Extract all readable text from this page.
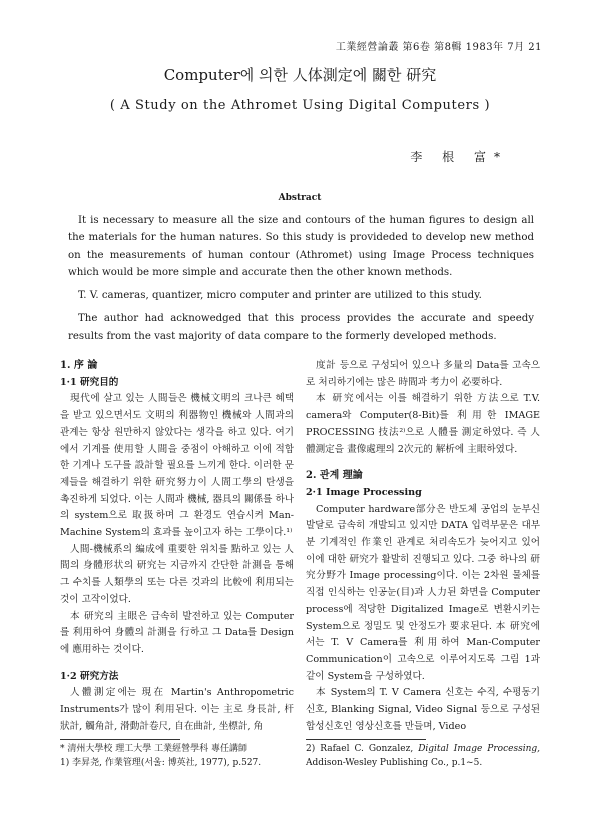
工業經營論叢 第6卷 第8輯 1983年 7月 21
Computer에 의한 人体測定에 關한 研究
( A Study on the Athromet Using Digital Computers )
李 根 富*
Abstract

It is necessary to measure all the size and contours of the human figures to design all the materials for the human natures. So this study is provideded to develop new method on the measurements of human contour (Athromet) using Image Process techniques which would be more simple and accurate then the other known methods.

T. V. cameras, quantizer, micro computer and printer are utilized to this study.

The author had acknowedged that this process provides the accurate and speedy results from the vast majority of data compare to the formerly developed methods.

1. 序 論

1·1 研究目的

現代에 살고 있는 人間들은 機械文明의 크나큰 혜택을 받고 있으면서도 文明의 利器物인 機械와 人間과의 관계는 항상 원만하지 않았다는 생각을 하고 있다. 여기에서 기계를 使用할 人間을 중점이 아해하고 이에 적합한 기계나 도구를 設計할 필요를 느끼게 한다. 이러한 문제들을 해결하기 위한 研究努力이 人間工學의 탄생을 촉진하게 되었다. 이는 人間과 機械, 器具의 關係를 하나의 system으로 取扱하며 그 환경도 연습시켜 Man-Machine System의 효과를 높이고자 하는 工學이다.¹⁾

人間-機械系의 編成에 重要한 위치를 點하고 있는 人間의 身體形状의 研究는 지금까지 간단한 計測을 통해 그 수치를 人類學의 또는 다른 것과의 比較에 利用되는 것이 고작이었다.

本 研究의 主眼은 급속히 발전하고 있는 Computer를 利用하여 身體의 計測을 行하고 그 Data를 Design에 應用하는 것이다.

1·2 研究方法

人體測定에는 現在 Martin's Anthropometric Instruments가 많이 利用된다. 이는 主로 身長計, 杆狀計, 觸角計, 滑動計卷尺, 自在曲計, 坐標計, 角

* 淸州大學校 理工大學 工業經營學科 專任講師

1) 李昇尧, 作業管理(서울: 博英社, 1977), p.527.

度計 등으로 구성되어 있으나 多量의 Data를 고속으로 처리하기에는 많은 時間과 考力이 必要하다.

本 研究에서는 이를 해결하기 위한 方法으로 T.V. camera와 Computer(8-Bit)를 利用한 IMAGE PROCESSING 技法²⁾으로 人體를 測定하였다. 즉 人體測定을 畫像處理의 2次元的 解析에 主眼하였다.

2. 관계 理論

2·1 Image Processing

Computer hardware部分은 반도체 공업의 눈부신 발달로 급속히 개발되고 있지만 DATA 입력부문은 대부분 기계적인 作業인 관계로 처리속도가 늦어지고 있어 이에 대한 研究가 활발히 진행되고 있다. 그중 하나의 研究分野가 Image processing이다. 이는 2차원 물체를 직접 인식하는 인공눈(目)과 人力된 화면을 Computer process에 적당한 Digitalized Image로 변환시키는 System으로 정밀도 및 안정도가 要求된다. 本 研究에서는 T. V Camera를 利用하여 Man-Computer Communication이 고속으로 이루어지도록 그림 1과 같이 System을 구성하였다.

本 System의 T. V Camera 신호는 수직, 수평동기신호, Blanking Signal, Video Signal 등으로 구성된 합성신호인 영상신호를 만들며, Video

2) Rafael C. Gonzalez, Digital Image Processing, Addison-Wesley Publishing Co., p.1~5.
